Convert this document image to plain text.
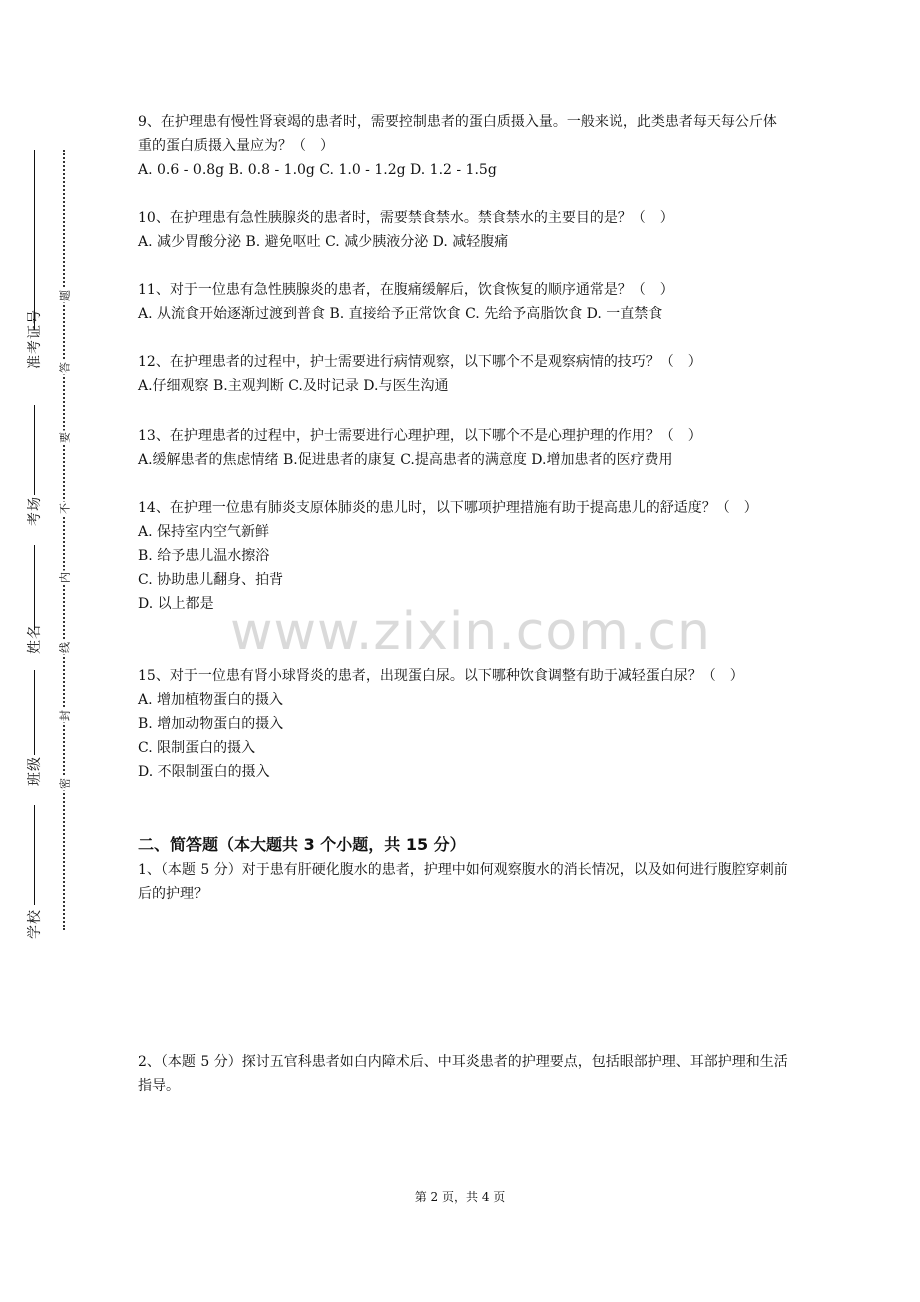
准考证号
考场
姓名
班级
学校
题
答
要
不
内
线
封
密

9、在护理患有慢性肾衰竭的患者时，需要控制患者的蛋白质摄入量。一般来说，此类患者每天每公斤体重的蛋白质摄入量应为？（　）

A. 0.6 - 0.8g B. 0.8 - 1.0g C. 1.0 - 1.2g D. 1.2 - 1.5g

10、在护理患有急性胰腺炎的患者时，需要禁食禁水。禁食禁水的主要目的是？（　）

A. 减少胃酸分泌 B. 避免呕吐 C. 减少胰液分泌 D. 减轻腹痛

11、对于一位患有急性胰腺炎的患者，在腹痛缓解后，饮食恢复的顺序通常是？（　）

A. 从流食开始逐渐过渡到普食 B. 直接给予正常饮食 C. 先给予高脂饮食 D. 一直禁食

12、在护理患者的过程中，护士需要进行病情观察，以下哪个不是观察病情的技巧？（　）

A.仔细观察 B.主观判断 C.及时记录 D.与医生沟通

13、在护理患者的过程中，护士需要进行心理护理，以下哪个不是心理护理的作用？（　）

A.缓解患者的焦虑情绪 B.促进患者的康复 C.提高患者的满意度 D.增加患者的医疗费用

14、在护理一位患有肺炎支原体肺炎的患儿时，以下哪项护理措施有助于提高患儿的舒适度？（　）

A. 保持室内空气新鲜
B. 给予患儿温水擦浴
C. 协助患儿翻身、拍背
D. 以上都是

15、对于一位患有肾小球肾炎的患者，出现蛋白尿。以下哪种饮食调整有助于减轻蛋白尿？（　）

A. 增加植物蛋白的摄入
B. 增加动物蛋白的摄入
C. 限制蛋白的摄入
D. 不限制蛋白的摄入
二、简答题（本大题共 3 个小题，共 15 分）

1、（本题 5 分）对于患有肝硬化腹水的患者，护理中如何观察腹水的消长情况，以及如何进行腹腔穿刺前后的护理？

2、（本题 5 分）探讨五官科患者如白内障术后、中耳炎患者的护理要点，包括眼部护理、耳部护理和生活指导。

www.zixin.com.cn
第 2 页，共 4 页
